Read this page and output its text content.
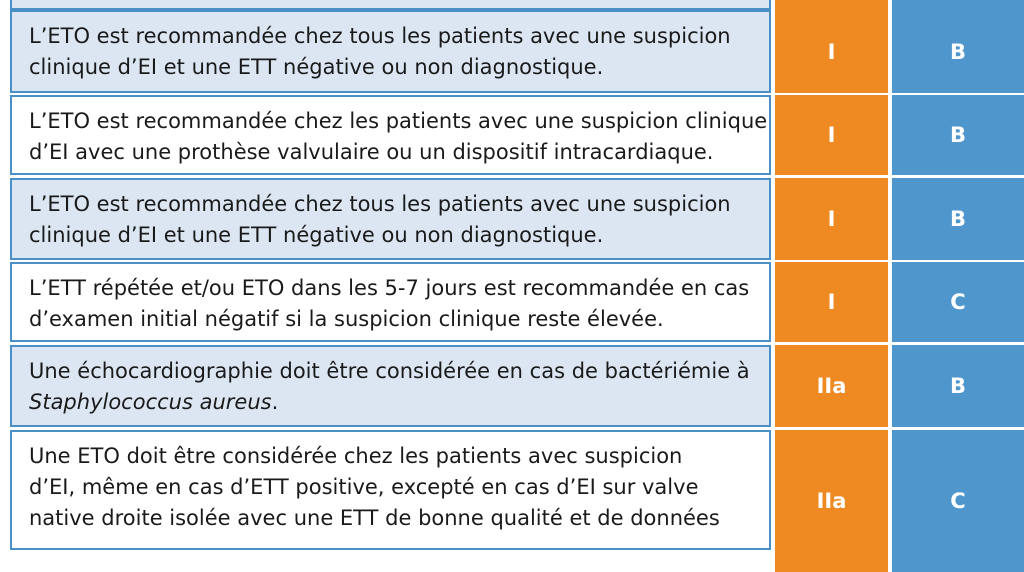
L’ETO est recommandée chez tous les patients avec une suspicion
clinique d’EI et une ETT négative ou non diagnostique.
I	B
L’ETO est recommandée chez les patients avec une suspicion clinique
d’EI avec une prothèse valvulaire ou un dispositif intracardiaque.
I	B
L’ETO est recommandée chez tous les patients avec une suspicion
clinique d’EI et une ETT négative ou non diagnostique.
I	B
L’ETT répétée et/ou ETO dans les 5-7 jours est recommandée en cas
d’examen initial négatif si la suspicion clinique reste élevée.
I	C
Une échocardiographie doit être considérée en cas de bactériémie à
Staphylococcus aureus.
IIa	B
Une ETO doit être considérée chez les patients avec suspicion
d’EI, même en cas d’ETT positive, excepté en cas d’EI sur valve
native droite isolée avec une ETT de bonne qualité et de données
IIa	C
